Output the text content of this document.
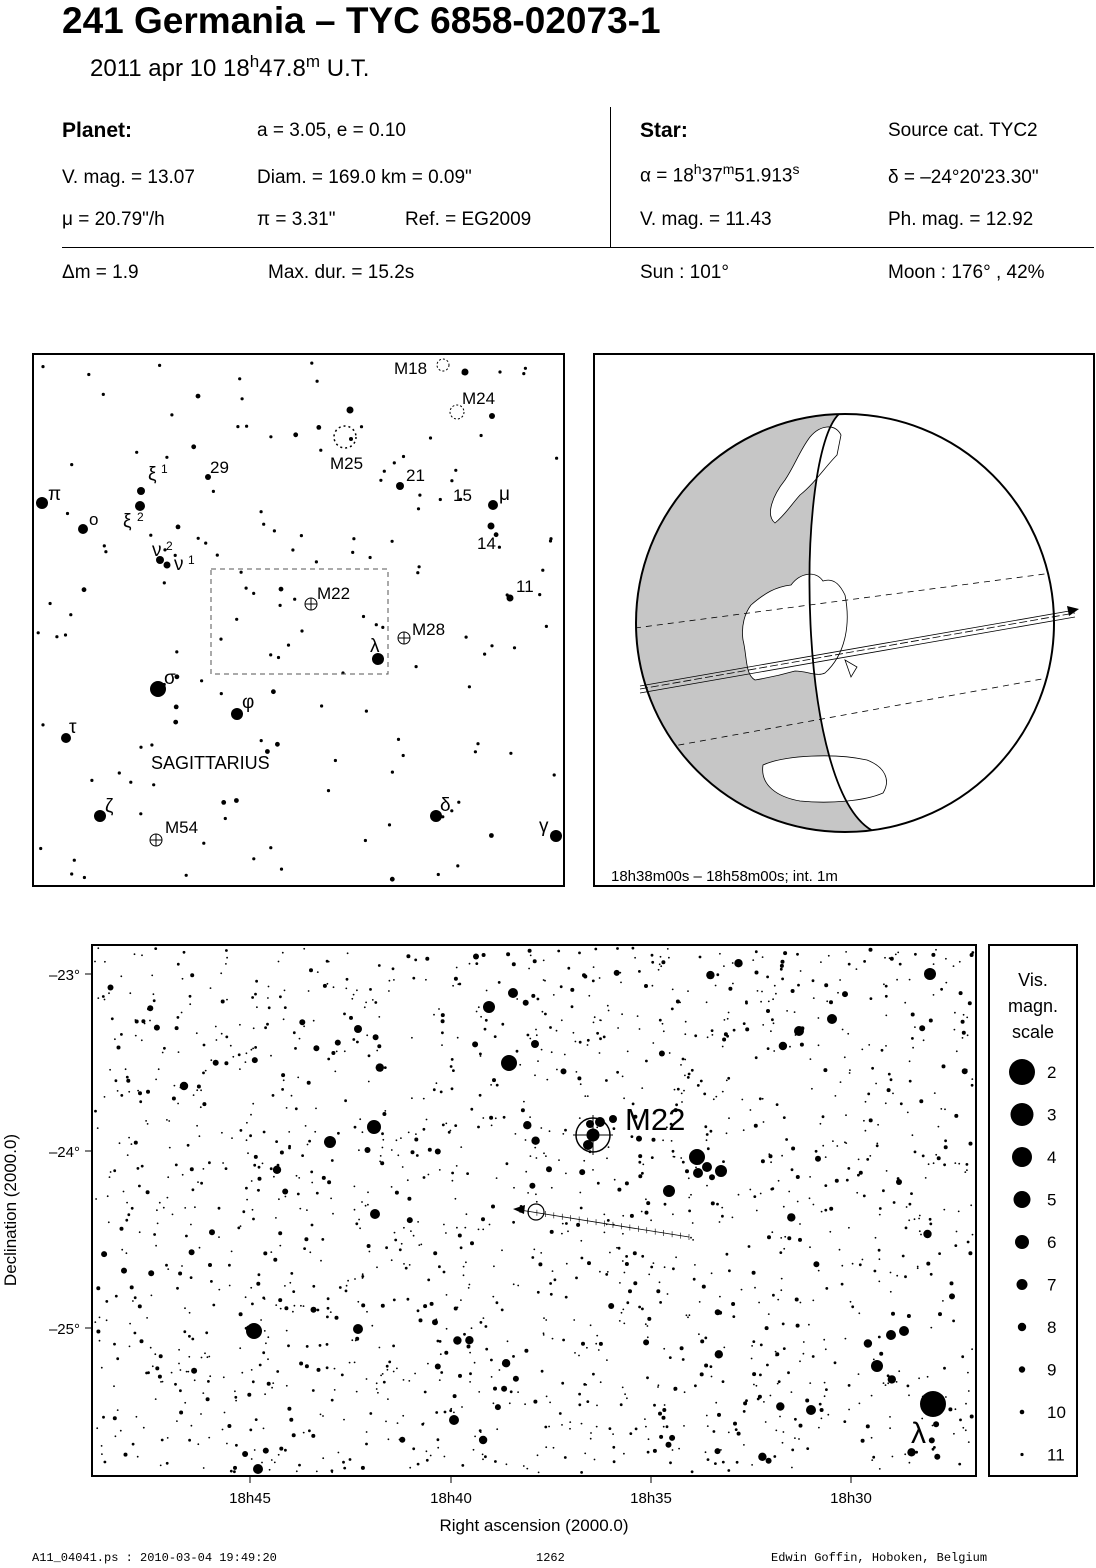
241 Germania – TYC 6858-02073-1
2011 apr 10 18$^h$47.8$^m$ U.T.
Planet:	a = 3.05, e = 0.10
V. mag. = 13.07	Diam. = 169.0 km = 0.09"
μ = 20.79"/h	π = 3.31"	Ref. = EG2009
Star:	Source cat. TYC2
$\alpha = 18^h37^m51.913^s$	δ = –24°20'23.30"
V. mag. = 11.43	Ph. mag. = 12.92
Δm = 1.9	Max. dur. = 15.2s	Sun : 101°	Moon : 176° , 42%
M18
M24
M25
M22
M28
M54
29	21
15
14
11
π
o
ξ 1
ξ 2
ν 2
ν 1
μ
λ
σ
φ
τ
ζ	δ
γ
SAGITTARIUS
18h38m00s – 18h58m00s; int. 1m
M22
λ
–23°
–24°
–25°
18h45	18h40	18h35	18h30
Right ascension (2000.0)
Declination (2000.0)
Vis.
magn.
scale
2
3
4
5
6
7
8
9
10
11
A11_04041.ps : 2010-03-04 19:49:20	1262	Edwin Goffin, Hoboken, Belgium
